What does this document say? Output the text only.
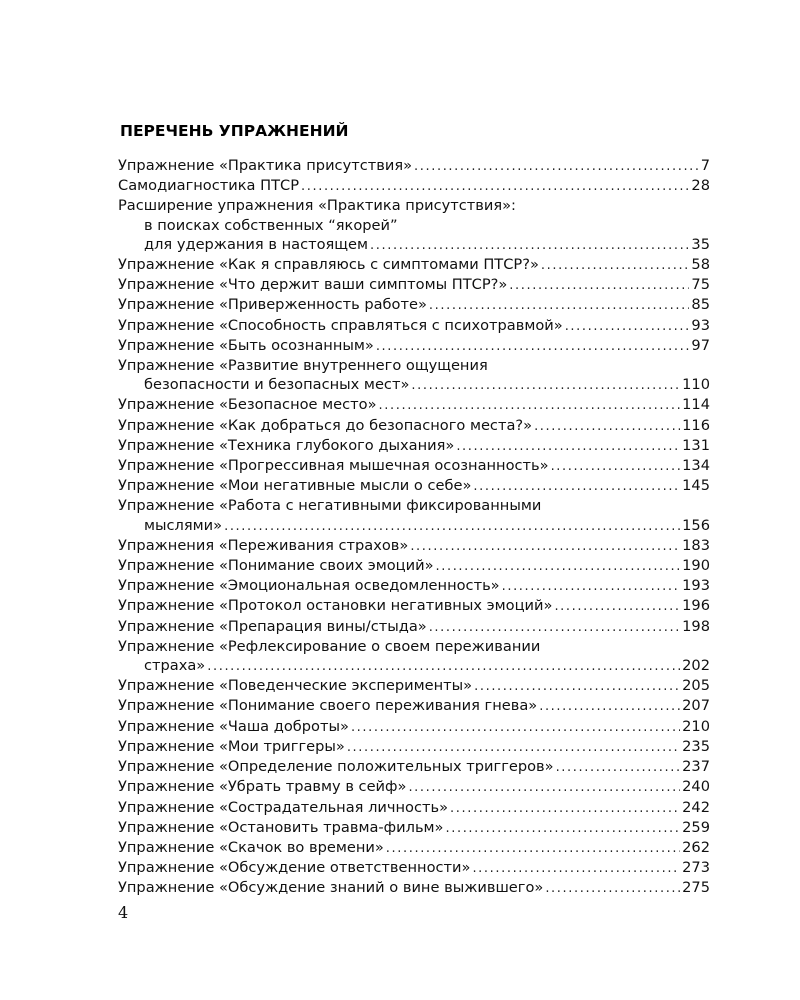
ПЕРЕЧЕНЬ УПРАЖНЕНИЙ
Упражнение «Практика присутствия» .....	7
Самодиагностика ПТСР .....	28
Расширение упражнения «Практика присутствия»:
в поисках собственных “якорей”
для удержания в настоящем .....	35
Упражнение «Как я справляюсь с симптомами ПТСР?» .....	58
Упражнение «Что держит ваши симптомы ПТСР?» .....	75
Упражнение «Приверженность работе» .....	85
Упражнение «Способность справляться с психотравмой» .....	93
Упражнение «Быть осознанным» .....	97
Упражнение «Развитие внутреннего ощущения
безопасности и безопасных мест» .....	110
Упражнение «Безопасное место» .....	114
Упражнение «Как добраться до безопасного места?» .....	116
Упражнение «Техника глубокого дыхания» .....	131
Упражнение «Прогрессивная мышечная осознанность» .....	134
Упражнение «Мои негативные мысли о себе» .....	145
Упражнение «Работа с негативными фиксированными
мыслями» .....	156
Упражнения «Переживания страхов» .....	183
Упражнение «Понимание своих эмоций» .....	190
Упражнение «Эмоциональная осведомленность» .....	193
Упражнение «Протокол остановки негативных эмоций» .....	196
Упражнение «Препарация вины/стыда» .....	198
Упражнение «Рефлексирование о своем переживании
страха» .....	202
Упражнение «Поведенческие эксперименты» .....	205
Упражнение «Понимание своего переживания гнева» .....	207
Упражнение «Чаша доброты» .....	210
Упражнение «Мои триггеры» .....	235
Упражнение «Определение положительных триггеров» .....	237
Упражнение «Убрать травму в сейф» .....	240
Упражнение «Сострадательная личность» .....	242
Упражнение «Остановить травма-фильм» .....	259
Упражнение «Скачок во времени» .....	262
Упражнение «Обсуждение ответственности» .....	273
Упражнение «Обсуждение знаний о вине выжившего» .....	275
4
